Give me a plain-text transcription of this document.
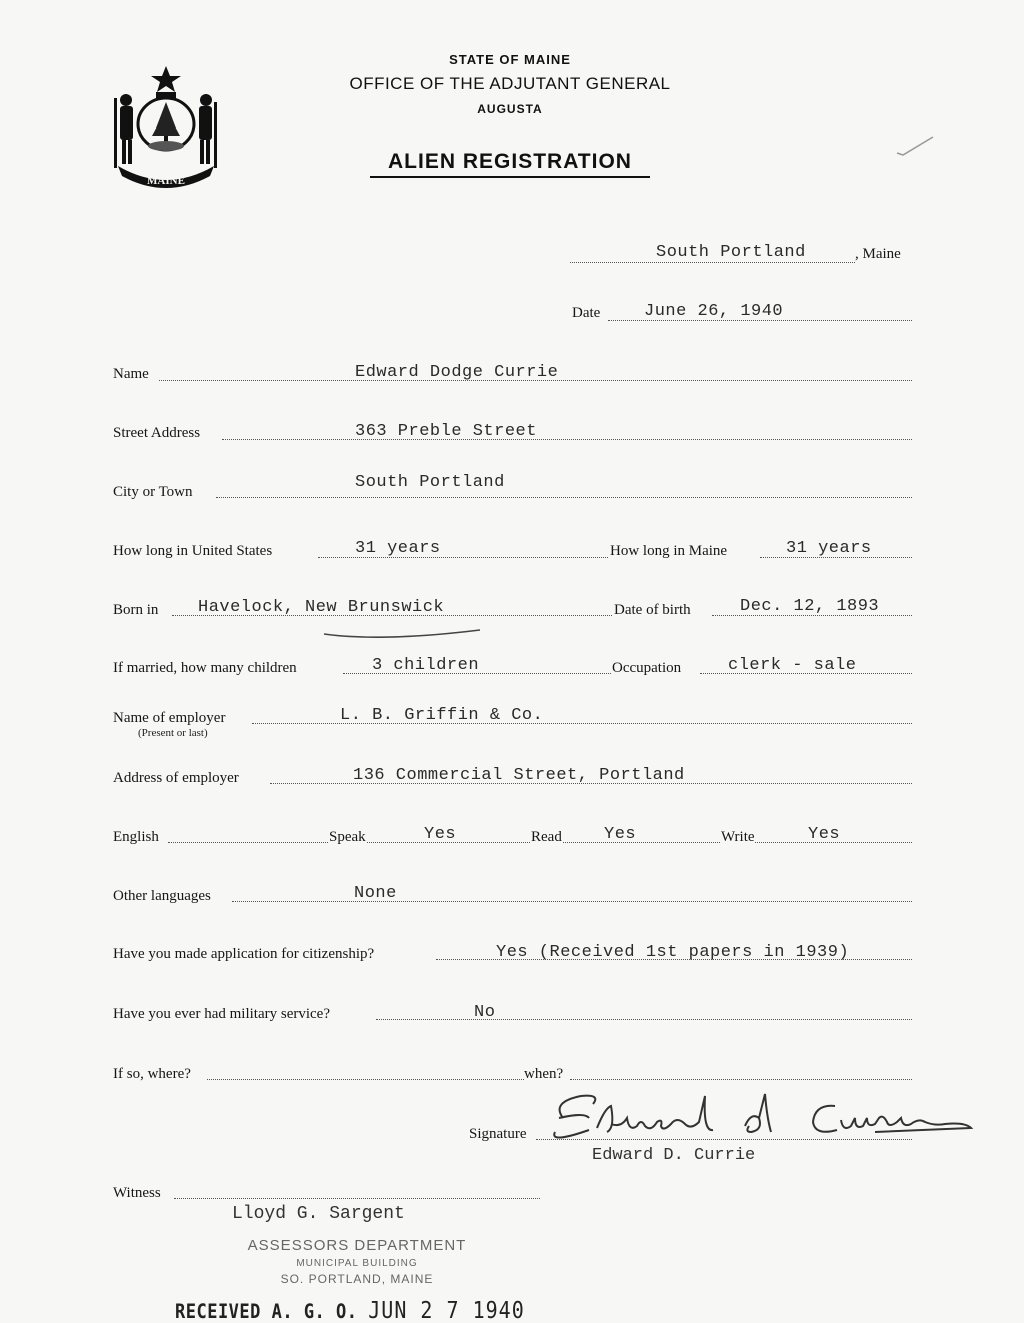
MAINE
STATE OF MAINE
OFFICE OF THE ADJUTANT GENERAL
AUGUSTA
ALIEN REGISTRATION
South Portland	, Maine
Date	June 26, 1940
Name	Edward Dodge Currie
Street Address	363 Preble Street
City or Town	South Portland
How long in United States	31 years	How long in Maine	31 years
Born in Havelock, New Brunswick	Date of birth	Dec. 12, 1893
If married, how many children	3 children	Occupation	clerk - sale
Name of employer
(Present or last)
L. B. Griffin & Co.
Address of employer	136 Commercial Street, Portland
English	Speak	Yes	Read Yes	Write	Yes
Other languages	None
Have you made application for citizenship?	Yes (Received 1st papers in 1939)
Have you ever had military service?	No
If so, where?	when?
Signature
Edward D. Currie
Witness
Lloyd G. Sargent
ASSESSORS DEPARTMENT
MUNICIPAL BUILDING
SO. PORTLAND, MAINE
RECEIVED A. G. O. JUN 2 7 1940
